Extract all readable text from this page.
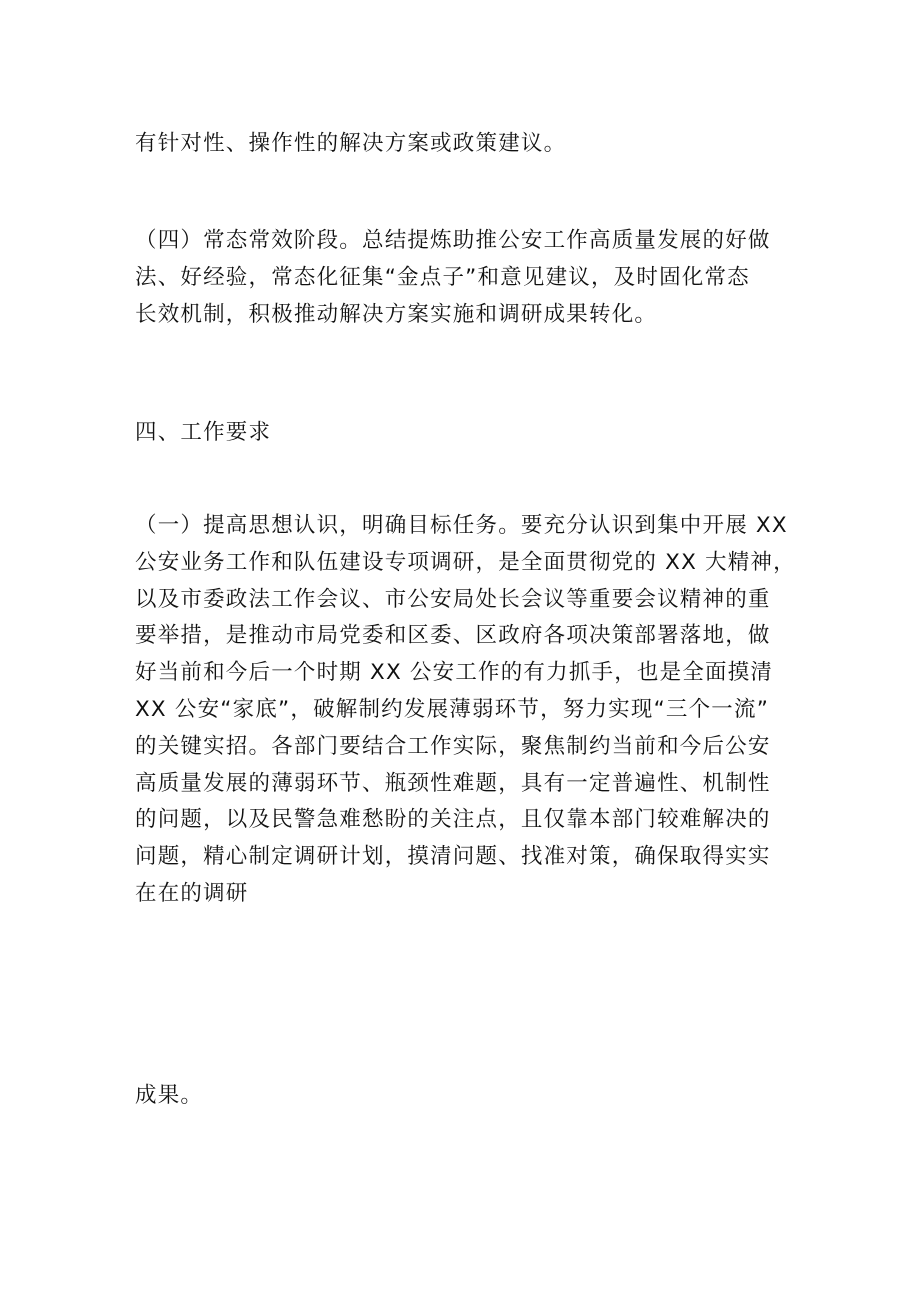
有针对性、操作性的解决方案或政策建议。

（四）常态常效阶段。总结提炼助推公安工作高质量发展的好做
法、好经验，常态化征集“金点子”和意见建议，及时固化常态
长效机制，积极推动解决方案实施和调研成果转化。

四、工作要求

（一）提高思想认识，明确目标任务。要充分认识到集中开展 XX
公安业务工作和队伍建设专项调研，是全面贯彻党的 XX 大精神，
以及市委政法工作会议、市公安局处长会议等重要会议精神的重
要举措，是推动市局党委和区委、区政府各项决策部署落地，做
好当前和今后一个时期 XX 公安工作的有力抓手，也是全面摸清
XX 公安“家底”，破解制约发展薄弱环节，努力实现“三个一流”
的关键实招。各部门要结合工作实际，聚焦制约当前和今后公安
高质量发展的薄弱环节、瓶颈性难题，具有一定普遍性、机制性
的问题，以及民警急难愁盼的关注点，且仅靠本部门较难解决的
问题，精心制定调研计划，摸清问题、找准对策，确保取得实实
在在的调研

成果。
